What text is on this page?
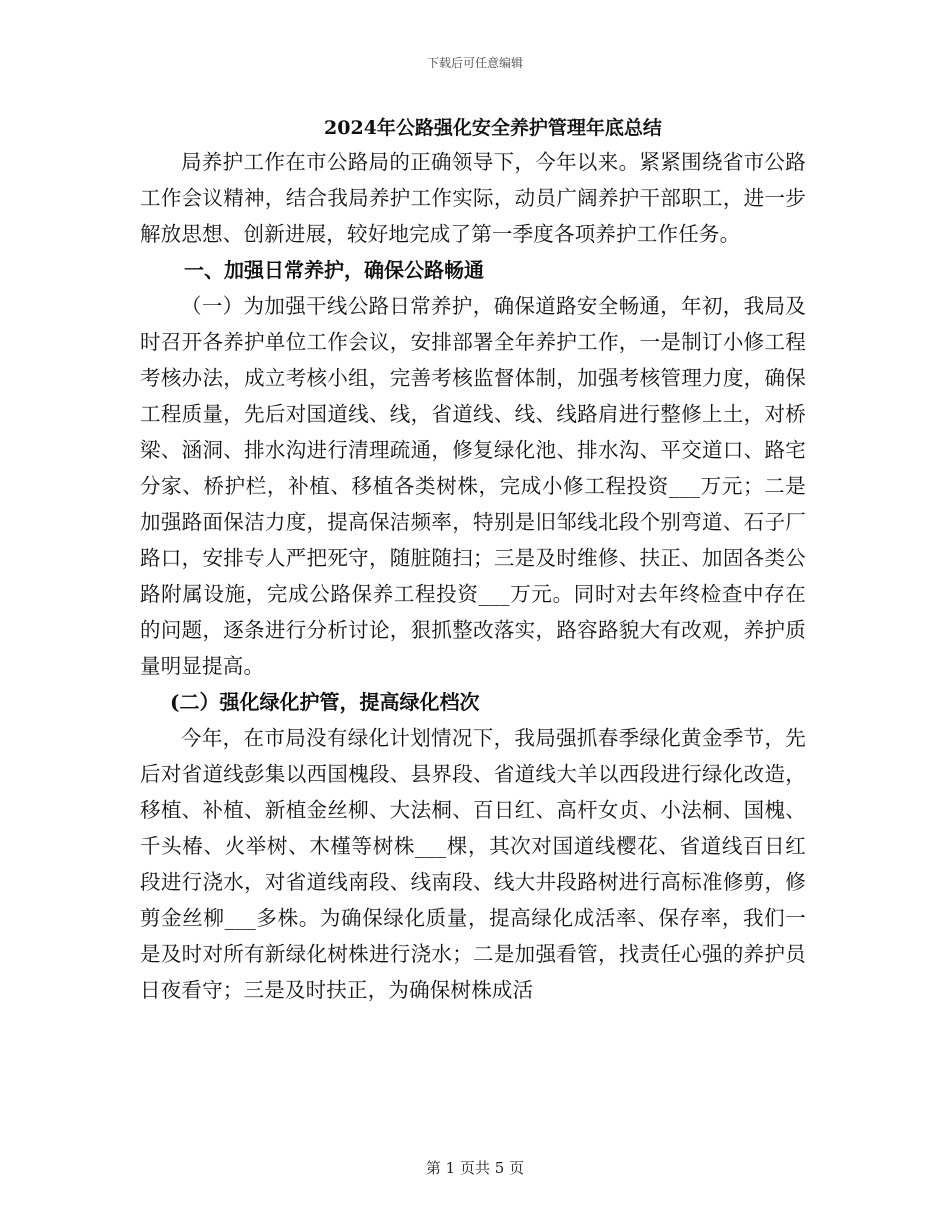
下载后可任意编辑
2024年公路强化安全养护管理年底总结

局养护工作在市公路局的正确领导下，今年以来。紧紧围绕省市公路工作会议精神，结合我局养护工作实际，动员广阔养护干部职工，进一步解放思想、创新进展，较好地完成了第一季度各项养护工作任务。

一、加强日常养护，确保公路畅通

（一）为加强干线公路日常养护，确保道路安全畅通，年初，我局及时召开各养护单位工作会议，安排部署全年养护工作，一是制订小修工程考核办法，成立考核小组，完善考核监督体制，加强考核管理力度，确保工程质量，先后对国道线、线，省道线、线、线路肩进行整修上土，对桥梁、涵洞、排水沟进行清理疏通，修复绿化池、排水沟、平交道口、路宅分家、桥护栏，补植、移植各类树株，完成小修工程投资___万元；二是加强路面保洁力度，提高保洁频率，特别是旧邹线北段个别弯道、石子厂路口，安排专人严把死守，随脏随扫；三是及时维修、扶正、加固各类公路附属设施，完成公路保养工程投资___万元。同时对去年终检查中存在的问题，逐条进行分析讨论，狠抓整改落实，路容路貌大有改观，养护质量明显提高。

(二）强化绿化护管，提高绿化档次

今年，在市局没有绿化计划情况下，我局强抓春季绿化黄金季节，先后对省道线彭集以西国槐段、县界段、省道线大羊以西段进行绿化改造，移植、补植、新植金丝柳、大法桐、百日红、高杆女贞、小法桐、国槐、千头椿、火举树、木槿等树株___棵，其次对国道线樱花、省道线百日红段进行浇水，对省道线南段、线南段、线大井段路树进行高标准修剪，修剪金丝柳___多株。为确保绿化质量，提高绿化成活率、保存率，我们一是及时对所有新绿化树株进行浇水；二是加强看管，找责任心强的养护员日夜看守；三是及时扶正，为确保树株成活

第 1 页共 5 页
